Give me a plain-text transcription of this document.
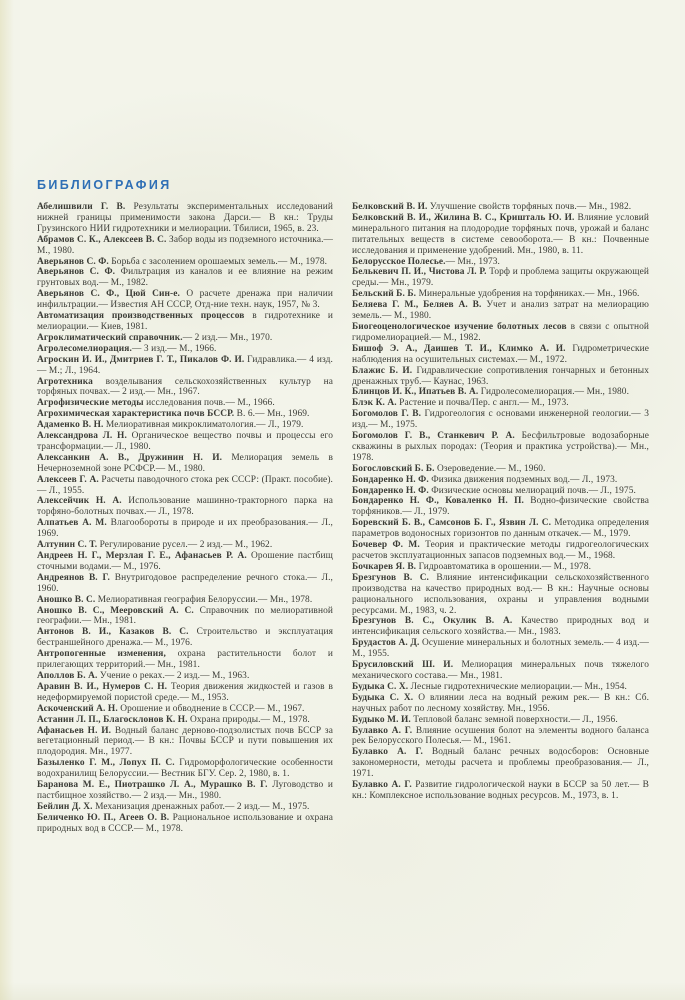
БИБЛИОГРАФИЯ

Абелишвили Г. В. Результаты экспериментальных исследований нижней границы применимости закона Дарси.— В кн.: Труды Грузинского НИИ гидротехники и мелиорации. Тбилиси, 1965, в. 23.

Абрамов С. К., Алексеев В. С. Забор воды из подземного источника.— М., 1980.

Аверьянов С. Ф. Борьба с засолением орошаемых земель.— М., 1978.

Аверьянов С. Ф. Фильтрация из каналов и ее влияние на режим грунтовых вод.— М., 1982.

Аверьянов С. Ф., Цюй Син-е. О расчете дренажа при наличии инфильтрации.— Известия АН СССР, Отд-ние техн. наук, 1957, № 3.

Автоматизация производственных процессов в гидротехнике и мелиорации.— Киев, 1981.

Агроклиматический справочник.— 2 изд.— Мн., 1970.

Агролесомелиорация.— 3 изд.— М., 1966.

Агроскин И. И., Дмитриев Г. Т., Пикалов Ф. И. Гидравлика.— 4 изд.— М.; Л., 1964.

Агротехника возделывания сельскохозяйственных культур на торфяных почвах.— 2 изд.— Мн., 1967.

Агрофизические методы исследования почв.— М., 1966.

Агрохимическая характеристика почв БССР. В. 6.— Мн., 1969.

Адаменко В. Н. Мелиоративная микроклиматология.— Л., 1979.

Александрова Л. Н. Органическое вещество почвы и процессы его трансформации.— Л., 1980.

Алексанкин А. В., Дружинин Н. И. Мелиорация земель в Нечерноземной зоне РСФСР.— М., 1980.

Алексеев Г. А. Расчеты паводочного стока рек СССР: (Практ. пособие).— Л., 1955.

Алексейчик Н. А. Использование машинно-тракторного парка на торфяно-болотных почвах.— Л., 1978.

Алпатьев А. М. Влагообороты в природе и их преобразования.— Л., 1969.

Алтунин С. Т. Регулирование русел.— 2 изд.— М., 1962.

Андреев Н. Г., Мерзлая Г. Е., Афанасьев Р. А. Орошение пастбищ сточными водами.— М., 1976.

Андреянов В. Г. Внутригодовое распределение речного стока.— Л., 1960.

Аношко В. С. Мелиоративная география Белоруссии.— Мн., 1978.

Аношко В. С., Мееровский А. С. Справочник по мелиоративной географии.— Мн., 1981.

Антонов В. И., Казаков В. С. Строительство и эксплуатация бестраншейного дренажа.— М., 1976.

Антропогенные изменения, охрана растительности болот и прилегающих территорий.— Мн., 1981.

Аполлов Б. А. Учение о реках.— 2 изд.— М., 1963.

Аравин В. И., Нумеров С. Н. Теория движения жидкостей и газов в недеформируемой пористой среде.— М., 1953.

Аскоченский А. Н. Орошение и обводнение в СССР.— М., 1967.

Астанин Л. П., Благосклонов К. Н. Охрана природы.— М., 1978.

Афанасьев Н. И. Водный баланс дерново-подзолистых почв БССР за вегетационный период.— В кн.: Почвы БССР и пути повышения их плодородия. Мн., 1977.

Базыленко Г. М., Лопух П. С. Гидроморфологические особенности водохранилищ Белоруссии.— Вестник БГУ. Сер. 2, 1980, в. 1.

Баранова М. Е., Пиотрашко Л. А., Мурашко В. Г. Луговодство и пастбищное хозяйство.— 2 изд.— Мн., 1980.

Бейлин Д. Х. Механизация дренажных работ.— 2 изд.— М., 1975.

Беличенко Ю. П., Агеев О. В. Рациональное использование и охрана природных вод в СССР.— М., 1978.

Белковский В. И. Улучшение свойств торфяных почв.— Мн., 1982.

Белковский В. И., Жилина В. С., Кришталь Ю. И. Влияние условий минерального питания на плодородие торфяных почв, урожай и баланс питательных веществ в системе севооборота.— В кн.: Почвенные исследования и применение удобрений. Мн., 1980, в. 11.

Белорусское Полесье.— Мн., 1973.

Белькевич П. И., Чистова Л. Р. Торф и проблема защиты окружающей среды.— Мн., 1979.

Бельский Б. Б. Минеральные удобрения на торфяниках.— Мн., 1966.

Беляева Г. М., Беляев А. В. Учет и анализ затрат на мелиорацию земель.— М., 1980.

Биогеоценологическое изучение болотных лесов в связи с опытной гидромелиорацией.— М., 1982.

Бишоф Э. А., Даишев Т. И., Климко А. И. Гидрометрические наблюдения на осушительных системах.— М., 1972.

Блажис Б. И. Гидравлические сопротивления гончарных и бетонных дренажных труб.— Каунас, 1963.

Блинцов И. К., Ипатьев В. А. Гидролесомелиорация.— Мн., 1980.

Блэк К. А. Растение и почва/Пер. с англ.— М., 1973.

Богомолов Г. В. Гидрогеология с основами инженерной геологии.— 3 изд.— М., 1975.

Богомолов Г. В., Станкевич Р. А. Бесфильтровые водозаборные скважины в рыхлых породах: (Теория и практика устройства).— Мн., 1978.

Богословский Б. Б. Озероведение.— М., 1960.

Бондаренко Н. Ф. Физика движения подземных вод.— Л., 1973.

Бондаренко Н. Ф. Физические основы мелиораций почв.— Л., 1975.

Бондаренко Н. Ф., Коваленко Н. П. Водно-физические свойства торфяников.— Л., 1979.

Боревский Б. В., Самсонов Б. Г., Язвин Л. С. Методика определения параметров водоносных горизонтов по данным откачек.— М., 1979.

Бочевер Ф. М. Теория и практические методы гидрогеологических расчетов эксплуатационных запасов подземных вод.— М., 1968.

Бочкарев Я. В. Гидроавтоматика в орошении.— М., 1978.

Брезгунов В. С. Влияние интенсификации сельскохозяйственного производства на качество природных вод.— В кн.: Научные основы рационального использования, охраны и управления водными ресурсами. М., 1983, ч. 2.

Брезгунов В. С., Окулик В. А. Качество природных вод и интенсификация сельского хозяйства.— Мн., 1983.

Брудастов А. Д. Осушение минеральных и болотных земель.— 4 изд.— М., 1955.

Брусиловский Ш. И. Мелиорация минеральных почв тяжелого механического состава.— Мн., 1981.

Будыка С. Х. Лесные гидротехнические мелиорации.— Мн., 1954.

Будыка С. Х. О влиянии леса на водный режим рек.— В кн.: Сб. научных работ по лесному хозяйству. Мн., 1956.

Будыко М. И. Тепловой баланс земной поверхности.— Л., 1956.

Булавко А. Г. Влияние осушения болот на элементы водного баланса рек Белорусского Полесья.— М., 1961.

Булавко А. Г. Водный баланс речных водосборов: Основные закономерности, методы расчета и проблемы преобразования.— Л., 1971.

Булавко А. Г. Развитие гидрологической науки в БССР за 50 лет.— В кн.: Комплексное использование водных ресурсов. М., 1973, в. 1.
